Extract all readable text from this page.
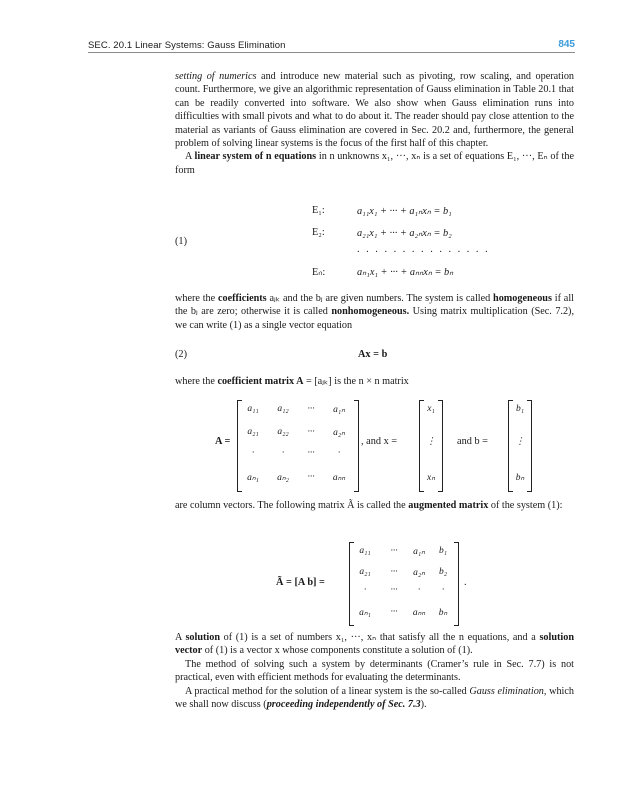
SEC. 20.1 Linear Systems: Gauss Elimination	845

setting of numerics and introduce new material such as pivoting, row scaling, and operation count. Furthermore, we give an algorithmic representation of Gauss elimination in Table 20.1 that can be readily converted into software. We also show when Gauss elimination runs into difficulties with small pivots and what to do about it. The reader should pay close attention to the material as variants of Gauss elimination are covered in Sec. 20.2 and, furthermore, the general problem of solving linear systems is the focus of the first half of this chapter.

A linear system of n equations in n unknowns x₁, ···, xₙ is a set of equations E₁, ···, Eₙ of the form

(1)
E₁:	a₁₁x₁ + ··· + a₁ₙxₙ = b₁
E₂:	a₂₁x₁ + ··· + a₂ₙxₙ = b₂
. . . . . . . . . . . . . . .
Eₙ:	aₙ₁x₁ + ··· + aₙₙxₙ = bₙ

where the coefficients aⱼₖ and the bⱼ are given numbers. The system is called homogeneous if all the bⱼ are zero; otherwise it is called nonhomogeneous. Using matrix multiplication (Sec. 7.2), we can write (1) as a single vector equation

(2)	Ax = b

where the coefficient matrix A = [aⱼₖ] is the n × n matrix

A =
a₁₁	a₁₂	···	a₁ₙ
a₂₁	a₂₂	···	a₂ₙ
·	·	···	·
aₙ₁	aₙ₂	···	aₙₙ
, and x =
x₁
⋮
xₙ
and b =
b₁
⋮
bₙ

are column vectors. The following matrix Ã is called the augmented matrix of the system (1):

Ã = [A b] =
a₁₁	···	a₁ₙ	b₁
a₂₁	···	a₂ₙ	b₂
·	···	·	·
aₙ₁	···	aₙₙ	bₙ
.

A solution of (1) is a set of numbers x₁, ···, xₙ that satisfy all the n equations, and a solution vector of (1) is a vector x whose components constitute a solution of (1).

The method of solving such a system by determinants (Cramer’s rule in Sec. 7.7) is not practical, even with efficient methods for evaluating the determinants.

A practical method for the solution of a linear system is the so-called Gauss elimination, which we shall now discuss (proceeding independently of Sec. 7.3).
